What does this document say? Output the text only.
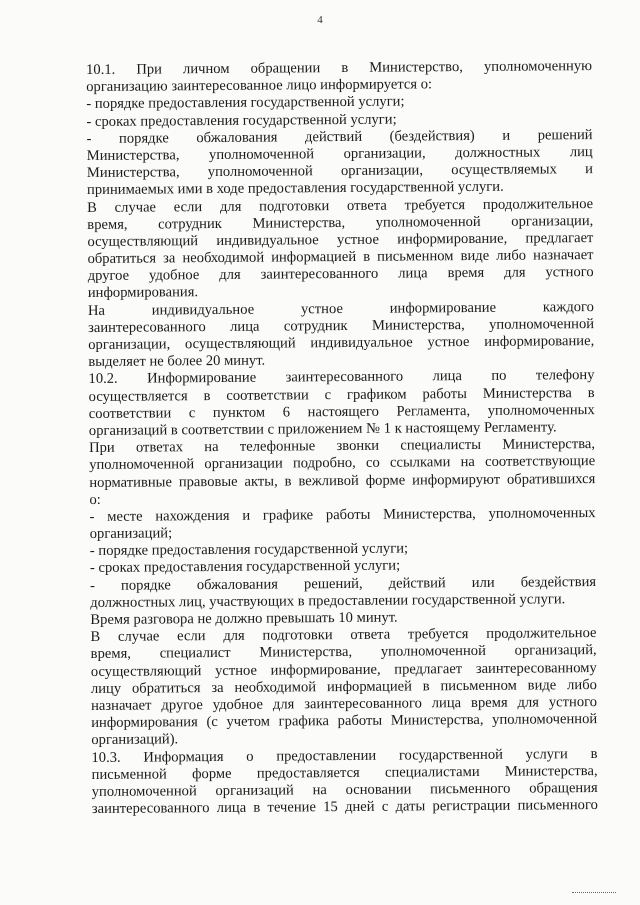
4
10.1. При личном обращении в Министерство, уполномоченную
организацию заинтересованное лицо информируется о:
- порядке предоставления государственной услуги;
- сроках предоставления государственной услуги;
- порядке обжалования действий (бездействия) и решений
Министерства, уполномоченной организации, должностных лиц
Министерства, уполномоченной организации, осуществляемых и
принимаемых ими в ходе предоставления государственной услуги.
В случае если для подготовки ответа требуется продолжительное
время, сотрудник Министерства, уполномоченной организации,
осуществляющий индивидуальное устное информирование, предлагает
обратиться за необходимой информацией в письменном виде либо назначает
другое удобное для заинтересованного лица время для устного
информирования.
На индивидуальное устное информирование каждого
заинтересованного лица сотрудник Министерства, уполномоченной
организации, осуществляющий индивидуальное устное информирование,
выделяет не более 20 минут.
10.2. Информирование заинтересованного лица по телефону
осуществляется в соответствии с графиком работы Министерства в
соответствии с пунктом 6 настоящего Регламента, уполномоченных
организаций в соответствии с приложением № 1 к настоящему Регламенту.
При ответах на телефонные звонки специалисты Министерства,
уполномоченной организации подробно, со ссылками на соответствующие
нормативные правовые акты, в вежливой форме информируют обратившихся
о:
- месте нахождения и графике работы Министерства, уполномоченных
организаций;
- порядке предоставления государственной услуги;
- сроках предоставления государственной услуги;
- порядке обжалования решений, действий или бездействия
должностных лиц, участвующих в предоставлении государственной услуги.
Время разговора не должно превышать 10 минут.
В случае если для подготовки ответа требуется продолжительное
время, специалист Министерства, уполномоченной организаций,
осуществляющий устное информирование, предлагает заинтересованному
лицу обратиться за необходимой информацией в письменном виде либо
назначает другое удобное для заинтересованного лица время для устного
информирования (с учетом графика работы Министерства, уполномоченной
организаций).
10.3. Информация о предоставлении государственной услуги в
письменной форме предоставляется специалистами Министерства,
уполномоченной организаций на основании письменного обращения
заинтересованного лица в течение 15 дней с даты регистрации письменного
